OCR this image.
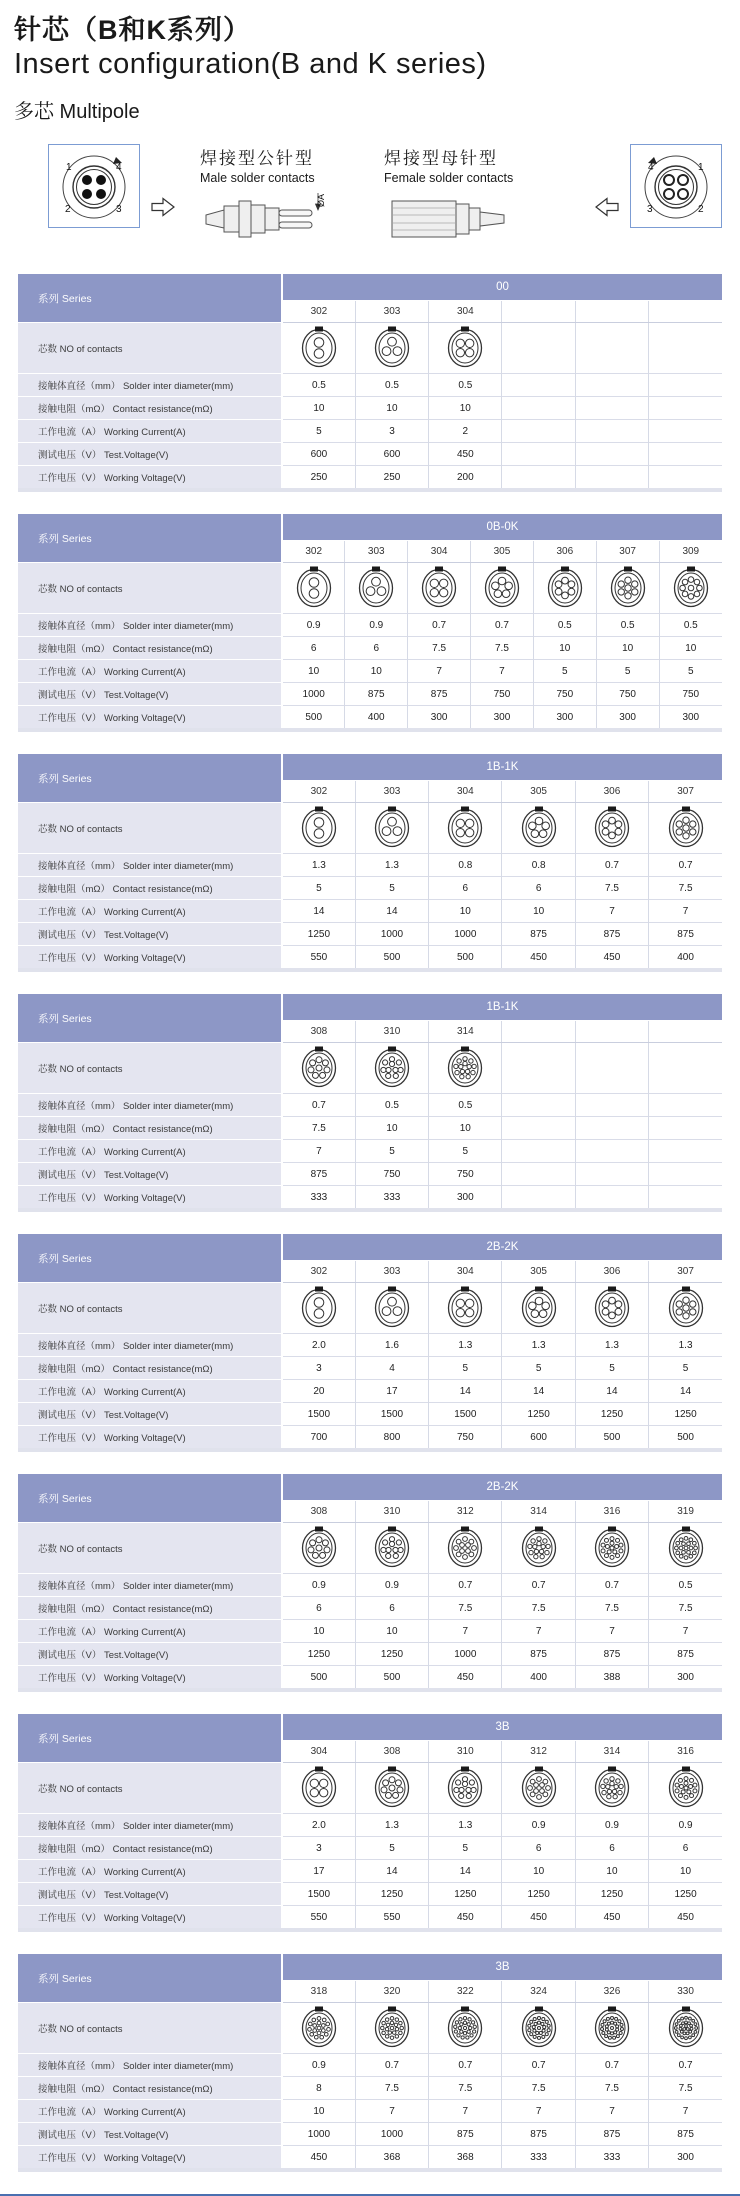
针芯（B和K系列）
Insert configuration(B and K series)
多芯 Multipole
1	4
2	3
焊接型公针型
Male solder contacts
ØA
焊接型母针型
Female solder contacts
4	1
3	2
系列 Series	00					
	302	303	304			
芯数 NO of contacts						
接触体直径（mm） Solder inter diameter(mm)	0.5	0.5	0.5			
接触电阻（mΩ） Contact resistance(mΩ)	10	10	10			
工作电流（A） Working Current(A)	5	3	2			
测试电压（V） Test.Voltage(V)	600	600	450			
工作电压（V） Working Voltage(V)	250	250	200			
系列 Series	0B-0K						
	302	303	304	305	306	307	309
芯数 NO of contacts							
接触体直径（mm） Solder inter diameter(mm)	0.9	0.9	0.7	0.7	0.5	0.5	0.5
接触电阻（mΩ） Contact resistance(mΩ)	6	6	7.5	7.5	10	10	10
工作电流（A） Working Current(A)	10	10	7	7	5	5	5
测试电压（V） Test.Voltage(V)	1000	875	875	750	750	750	750
工作电压（V） Working Voltage(V)	500	400	300	300	300	300	300
系列 Series	1B-1K					
	302	303	304	305	306	307
芯数 NO of contacts						
接触体直径（mm） Solder inter diameter(mm)	1.3	1.3	0.8	0.8	0.7	0.7
接触电阻（mΩ） Contact resistance(mΩ)	5	5	6	6	7.5	7.5
工作电流（A） Working Current(A)	14	14	10	10	7	7
测试电压（V） Test.Voltage(V)	1250	1000	1000	875	875	875
工作电压（V） Working Voltage(V)	550	500	500	450	450	400
系列 Series	1B-1K					
	308	310	314			
芯数 NO of contacts						
接触体直径（mm） Solder inter diameter(mm)	0.7	0.5	0.5			
接触电阻（mΩ） Contact resistance(mΩ)	7.5	10	10			
工作电流（A） Working Current(A)	7	5	5			
测试电压（V） Test.Voltage(V)	875	750	750			
工作电压（V） Working Voltage(V)	333	333	300			
系列 Series	2B-2K					
	302	303	304	305	306	307
芯数 NO of contacts						
接触体直径（mm） Solder inter diameter(mm)	2.0	1.6	1.3	1.3	1.3	1.3
接触电阻（mΩ） Contact resistance(mΩ)	3	4	5	5	5	5
工作电流（A） Working Current(A)	20	17	14	14	14	14
测试电压（V） Test.Voltage(V)	1500	1500	1500	1250	1250	1250
工作电压（V） Working Voltage(V)	700	800	750	600	500	500
系列 Series	2B-2K					
	308	310	312	314	316	319
芯数 NO of contacts						
接触体直径（mm） Solder inter diameter(mm)	0.9	0.9	0.7	0.7	0.7	0.5
接触电阻（mΩ） Contact resistance(mΩ)	6	6	7.5	7.5	7.5	7.5
工作电流（A） Working Current(A)	10	10	7	7	7	7
测试电压（V） Test.Voltage(V)	1250	1250	1000	875	875	875
工作电压（V） Working Voltage(V)	500	500	450	400	388	300
系列 Series	3B					
	304	308	310	312	314	316
芯数 NO of contacts						
接触体直径（mm） Solder inter diameter(mm)	2.0	1.3	1.3	0.9	0.9	0.9
接触电阻（mΩ） Contact resistance(mΩ)	3	5	5	6	6	6
工作电流（A） Working Current(A)	17	14	14	10	10	10
测试电压（V） Test.Voltage(V)	1500	1250	1250	1250	1250	1250
工作电压（V） Working Voltage(V)	550	550	450	450	450	450
系列 Series	3B					
	318	320	322	324	326	330
芯数 NO of contacts						
接触体直径（mm） Solder inter diameter(mm)	0.9	0.7	0.7	0.7	0.7	0.7
接触电阻（mΩ） Contact resistance(mΩ)	8	7.5	7.5	7.5	7.5	7.5
工作电流（A） Working Current(A)	10	7	7	7	7	7
测试电压（V） Test.Voltage(V)	1000	1000	875	875	875	875
工作电压（V） Working Voltage(V)	450	368	368	333	333	300
